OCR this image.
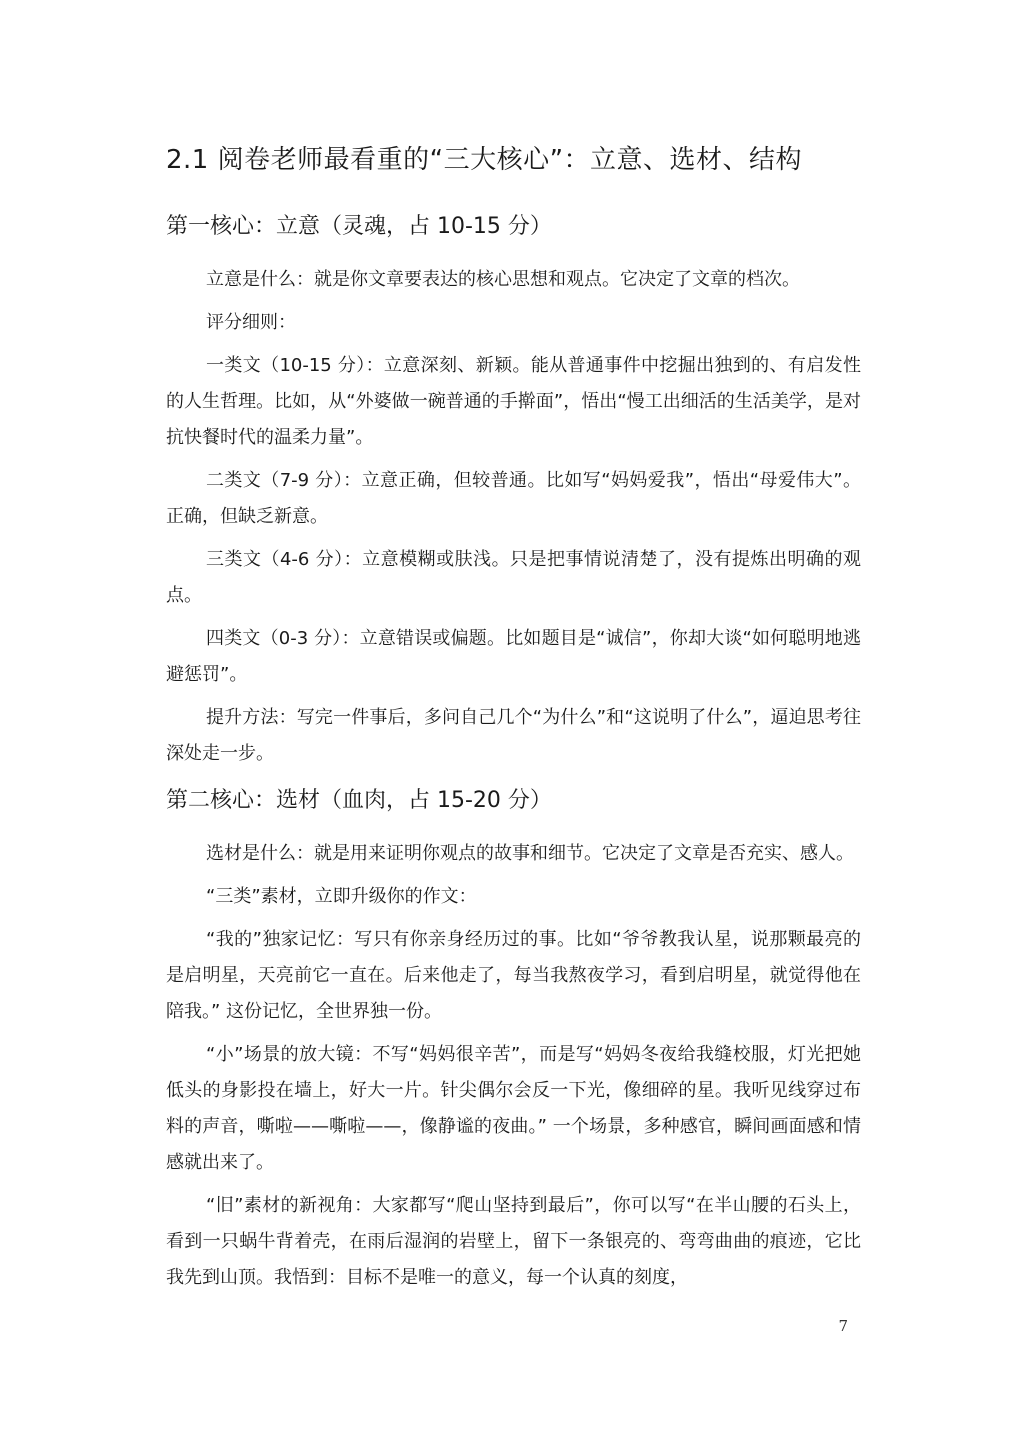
2.1 阅卷老师最看重的“三大核心”：立意、选材、结构
第一核心：立意（灵魂，占 10-15 分）

立意是什么：就是你文章要表达的核心思想和观点。它决定了文章的档次。

评分细则：

一类文（10-15 分）：立意深刻、新颖。能从普通事件中挖掘出独到的、有启发性的人生哲理。比如，从“外婆做一碗普通的手擀面”，悟出“慢工出细活的生活美学，是对抗快餐时代的温柔力量”。

二类文（7-9 分）：立意正确，但较普通。比如写“妈妈爱我”，悟出“母爱伟大”。正确，但缺乏新意。

三类文（4-6 分）：立意模糊或肤浅。只是把事情说清楚了，没有提炼出明确的观点。

四类文（0-3 分）：立意错误或偏题。比如题目是“诚信”，你却大谈“如何聪明地逃避惩罚”。

提升方法：写完一件事后，多问自己几个“为什么”和“这说明了什么”，逼迫思考往深处走一步。

第二核心：选材（血肉，占 15-20 分）

选材是什么：就是用来证明你观点的故事和细节。它决定了文章是否充实、感人。

“三类”素材，立即升级你的作文：

“我的”独家记忆：写只有你亲身经历过的事。比如“爷爷教我认星，说那颗最亮的是启明星，天亮前它一直在。后来他走了，每当我熬夜学习，看到启明星，就觉得他在陪我。” 这份记忆，全世界独一份。

“小”场景的放大镜：不写“妈妈很辛苦”，而是写“妈妈冬夜给我缝校服，灯光把她低头的身影投在墙上，好大一片。针尖偶尔会反一下光，像细碎的星。我听见线穿过布料的声音，嘶啦——嘶啦——，像静谧的夜曲。” 一个场景，多种感官，瞬间画面感和情感就出来了。

“旧”素材的新视角：大家都写“爬山坚持到最后”，你可以写“在半山腰的石头上，看到一只蜗牛背着壳，在雨后湿润的岩壁上，留下一条银亮的、弯弯曲曲的痕迹，它比我先到山顶。我悟到：目标不是唯一的意义，每一个认真的刻度，

7
